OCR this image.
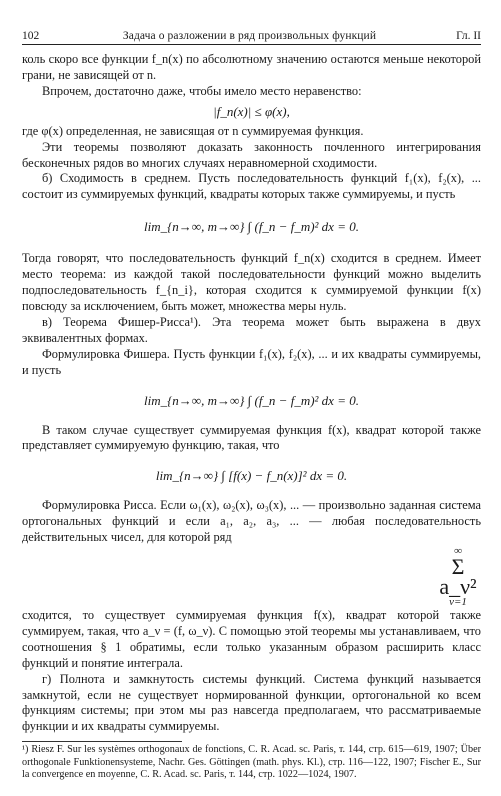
102	Задача о разложении в ряд произвольных функций	Гл. II

коль скоро все функции f_n(x) по абсолютному значению остаются меньше некоторой грани, не зависящей от n.

Впрочем, достаточно даже, чтобы имело место неравенство:

|f_n(x)| ≤ φ(x),

где φ(x) определенная, не зависящая от n суммируемая функция.

Эти теоремы позволяют доказать законность почленного интегрирования бесконечных рядов во многих случаях неравномерной сходимости.

б) Сходимость в среднем. Пусть последовательность функций f₁(x), f₂(x), ... состоит из суммируемых функций, квадраты которых также суммируемы, и пусть

lim_{n→∞, m→∞} ∫ (f_n − f_m)² dx = 0.

Тогда говорят, что последовательность функций f_n(x) сходится в среднем. Имеет место теорема: из каждой такой последовательности функций можно выделить подпоследовательность f_{n_i}, которая сходится к суммируемой функции f(x) повсюду за исключением, быть может, множества меры нуль.

в) Теорема Фишер-Рисса¹). Эта теорема может быть выражена в двух эквивалентных формах.

Формулировка Фишера. Пусть функции f₁(x), f₂(x), ... и их квадраты суммируемы, и пусть

lim_{n→∞, m→∞} ∫ (f_n − f_m)² dx = 0.

В таком случае существует суммируемая функция f(x), квадрат которой также представляет суммируемую функцию, такая, что

lim_{n→∞} ∫ [f(x) − f_n(x)]² dx = 0.

Формулировка Рисса. Если ω₁(x), ω₂(x), ω₃(x), ... — произвольно заданная система ортогональных функций и если a₁, a₂, a₃, ... — любая последовательность действительных чисел, для которой ряд

∞
Σ a_ν²
ν=1

сходится, то существует суммируемая функция f(x), квадрат которой также суммируем, такая, что a_ν = (f, ω_ν). С помощью этой теоремы мы устанавливаем, что соотношения § 1 обратимы, если только указанным образом расширить класс функций и понятие интеграла.

г) Полнота и замкнутость системы функций. Система функций называется замкнутой, если не существует нормированной функции, ортогональной ко всем функциям системы; при этом мы раз навсегда предполагаем, что рассматриваемые функции и их квадраты суммируемы.

¹) Riesz F. Sur les systèmes orthogonaux de fonctions, C. R. Acad. sc. Paris, т. 144, стр. 615—619, 1907; Über orthogonale Funktionensysteme, Nachr. Ges. Göttingen (math. phys. Kl.), стр. 116—122, 1907; Fischer E., Sur la convergence en moyenne, C. R. Acad. sc. Paris, т. 144, стр. 1022—1024, 1907.
